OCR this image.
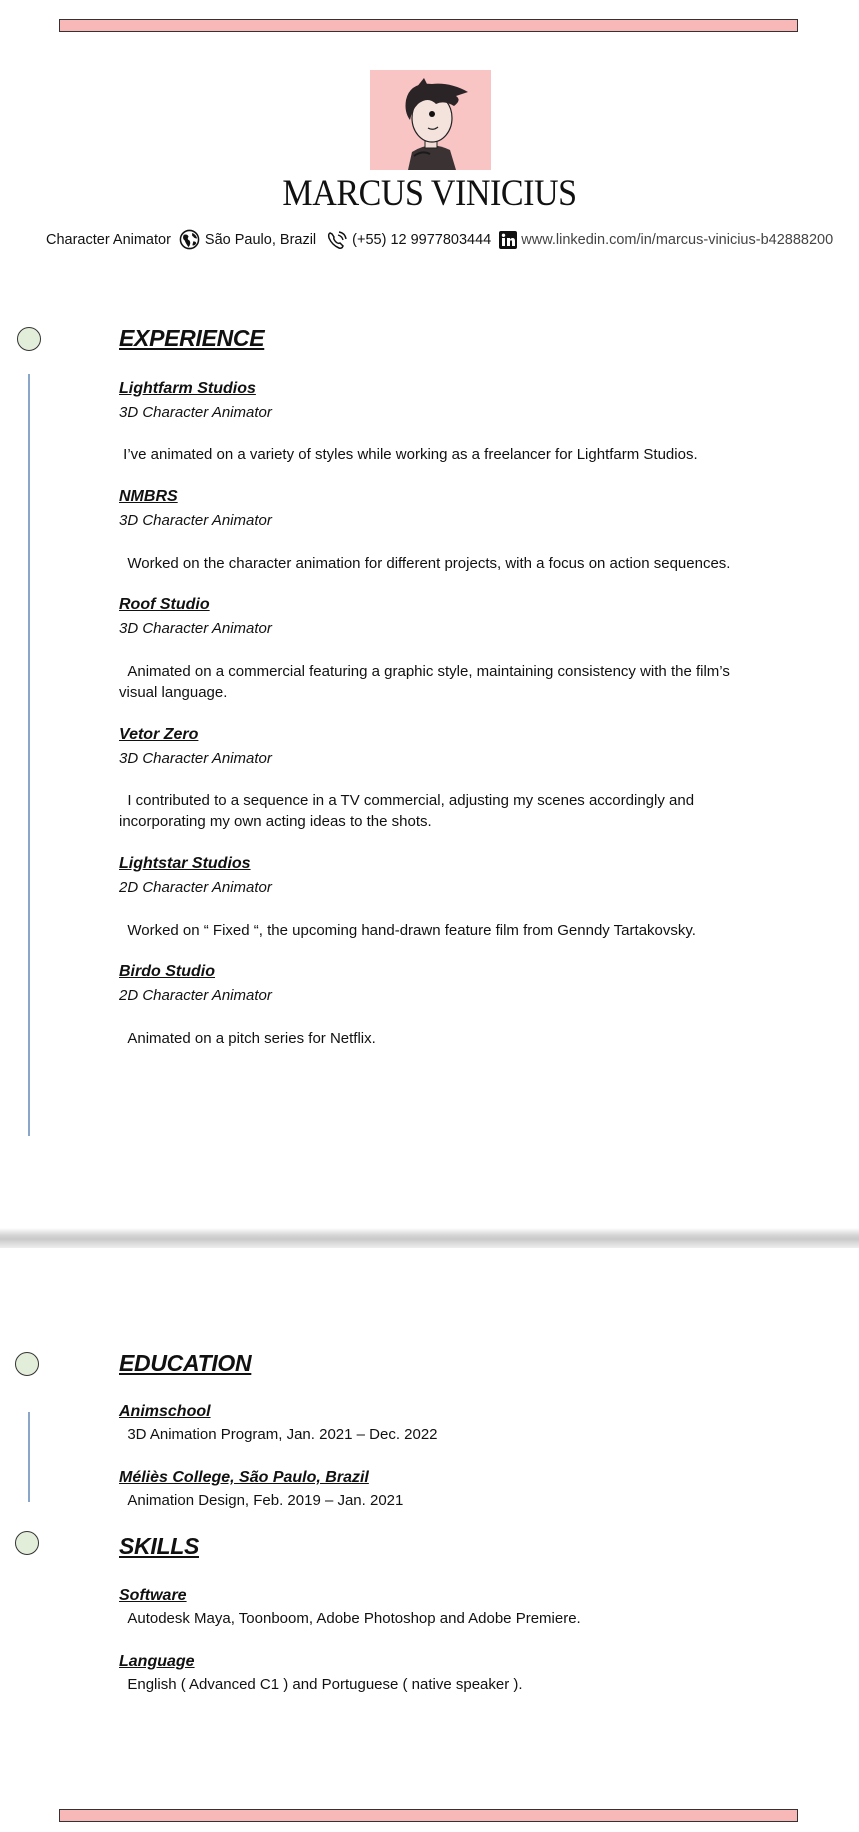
MARCUS VINICIUS
Character Animator São Paulo, Brazil (+55) 12 9977803444 www.linkedin.com/in/marcus-vinicius-b42888200
EXPERIENCE
Lightfarm Studios
3D Character Animator
I’ve animated on a variety of styles while working as a freelancer for Lightfarm Studios.
NMBRS
3D Character Animator
Worked on the character animation for different projects, with a focus on action sequences.
Roof Studio
3D Character Animator
Animated on a commercial featuring a graphic style, maintaining consistency with the film’s visual language.
Vetor Zero
3D Character Animator
I contributed to a sequence in a TV commercial, adjusting my scenes accordingly and incorporating my own acting ideas to the shots.
Lightstar Studios
2D Character Animator
Worked on “ Fixed “, the upcoming hand-drawn feature film from Genndy Tartakovsky.
Birdo Studio
2D Character Animator
Animated on a pitch series for Netflix.
EDUCATION
Animschool
3D Animation Program, Jan. 2021 – Dec. 2022
Méliès College, São Paulo, Brazil
Animation Design, Feb. 2019 – Jan. 2021
SKILLS
Software
Autodesk Maya, Toonboom, Adobe Photoshop and Adobe Premiere.
Language
English ( Advanced C1 ) and Portuguese ( native speaker ).
